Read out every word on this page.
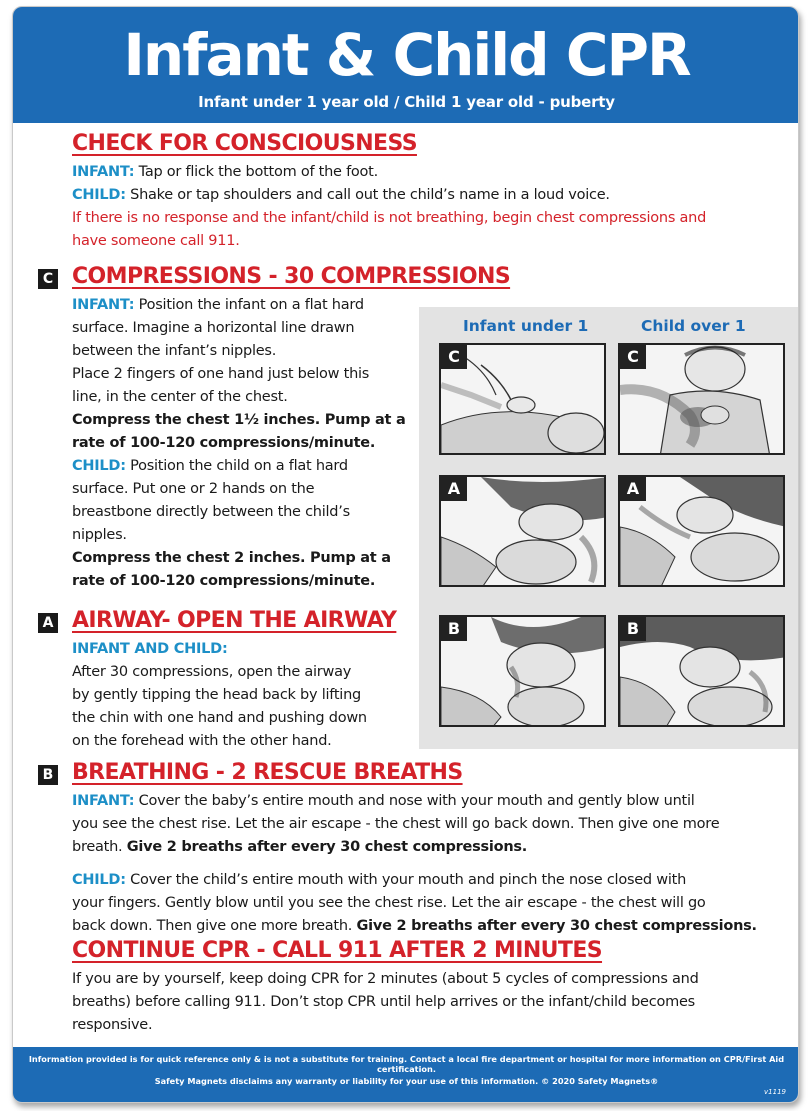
Infant & Child CPR
Infant under 1 year old / Child 1 year old - puberty
CHECK FOR CONSCIOUSNESS
INFANT: Tap or flick the bottom of the foot.
CHILD: Shake or tap shoulders and call out the child’s name in a loud voice.
If there is no response and the infant/child is not breathing, begin chest compressions and
have someone call 911.
C COMPRESSIONS - 30 COMPRESSIONS
INFANT: Position the infant on a flat hard
surface. Imagine a horizontal line drawn
between the infant’s nipples.
Place 2 fingers of one hand just below this
line, in the center of the chest.
Compress the chest 1½ inches. Pump at a
rate of 100-120 compressions/minute.
CHILD: Position the child on a flat hard
surface. Put one or 2 hands on the
breastbone directly between the child’s
nipples.
Compress the chest 2 inches. Pump at a
rate of 100-120 compressions/minute.
A AIRWAY- OPEN THE AIRWAY
INFANT AND CHILD:
After 30 compressions, open the airway
by gently tipping the head back by lifting
the chin with one hand and pushing down
on the forehead with the other hand.
Infant under 1	Child over 1
C	C
A	A
B	B
B BREATHING - 2 RESCUE BREATHS
INFANT: Cover the baby’s entire mouth and nose with your mouth and gently blow until
you see the chest rise. Let the air escape - the chest will go back down. Then give one more
breath. Give 2 breaths after every 30 chest compressions.
CHILD: Cover the child’s entire mouth with your mouth and pinch the nose closed with
your fingers. Gently blow until you see the chest rise. Let the air escape - the chest will go
back down. Then give one more breath. Give 2 breaths after every 30 chest compressions.
CONTINUE CPR - CALL 911 AFTER 2 MINUTES
If you are by yourself, keep doing CPR for 2 minutes (about 5 cycles of compressions and
breaths) before calling 911. Don’t stop CPR until help arrives or the infant/child becomes
responsive.
Information provided is for quick reference only & is not a substitute for training. Contact a local fire department or hospital for more information on CPR/First Aid certification.
Safety Magnets disclaims any warranty or liability for your use of this information. © 2020 Safety Magnets®
v1119
